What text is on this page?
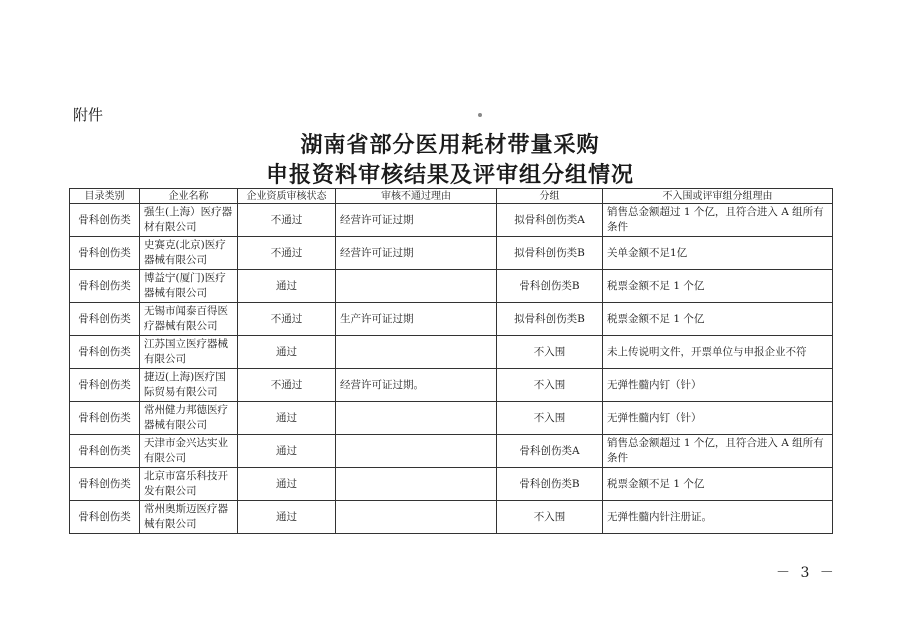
附件
湖南省部分医用耗材带量采购
申报资料审核结果及评审组分组情况
目录类别	企业名称	企业资质审核状态	审核不通过理由	分组	不入围或评审组分组理由
骨科创伤类	强生(上海）医疗器材有限公司	不通过	经营许可证过期	拟骨科创伤类A	销售总金额超过 1 个亿，且符合进入 A 组所有条件
骨科创伤类	史赛克(北京)医疗器械有限公司	不通过	经营许可证过期	拟骨科创伤类B	关单金额不足1亿
骨科创伤类	博益宁(厦门)医疗器械有限公司	通过		骨科创伤类B	税票金额不足 1 个亿
骨科创伤类	无锡市闻泰百得医疗器械有限公司	不通过	生产许可证过期	拟骨科创伤类B	税票金额不足 1 个亿
骨科创伤类	江苏国立医疗器械有限公司	通过		不入围	未上传说明文件，开票单位与申报企业不符
骨科创伤类	捷迈(上海)医疗国际贸易有限公司	不通过	经营许可证过期。	不入围	无弹性髓内钉（针）
骨科创伤类	常州健力邦德医疗器械有限公司	通过		不入围	无弹性髓内钉（针）
骨科创伤类	天津市金兴达实业有限公司	通过		骨科创伤类A	销售总金额超过 1 个亿，且符合进入 A 组所有条件
骨科创伤类	北京市富乐科技开发有限公司	通过		骨科创伤类B	税票金额不足 1 个亿
骨科创伤类	常州奥斯迈医疗器械有限公司	通过		不入围	无弹性髓内针注册证。
－ 3 －
